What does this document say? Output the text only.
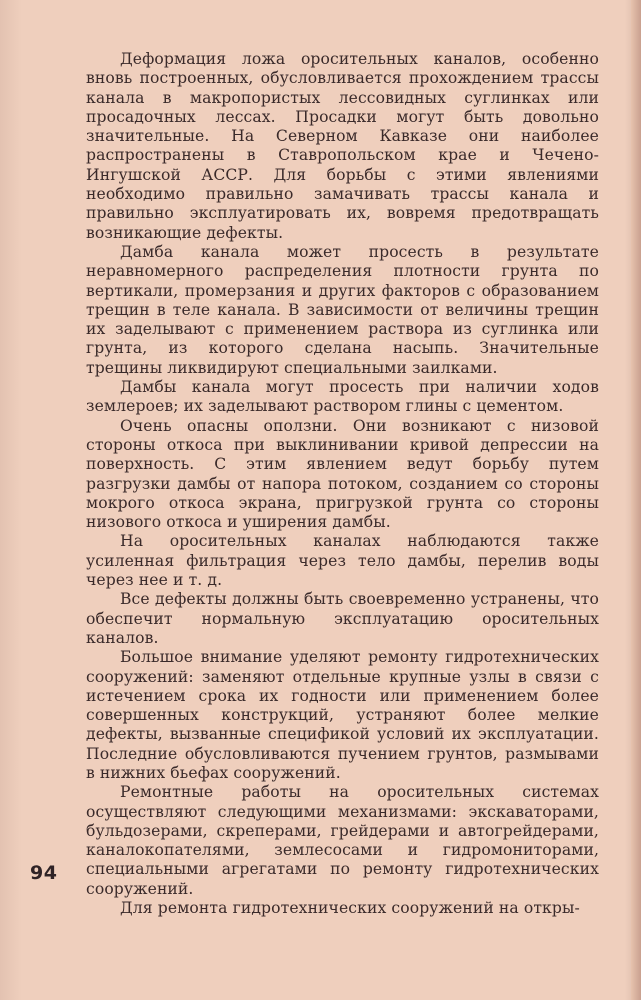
Деформация ложа оросительных каналов, особенно вновь построенных, обусловливается прохождением трассы канала в макропористых лессовидных суглинках или просадочных лессах. Просадки могут быть довольно значительные. На Северном Кавказе они наиболее распространены в Ставропольском крае и Чечено-Ингушской АССР. Для борьбы с этими явлениями необходимо правильно замачивать трассы канала и правильно эксплуатировать их, вовремя предотвращать возникающие дефекты.

Дамба канала может просесть в результате неравномерного распределения плотности грунта по вертикали, промерзания и других факторов с образованием трещин в теле канала. В зависимости от величины трещин их заделывают с применением раствора из суглинка или грунта, из которого сделана насыпь. Значительные трещины ликвидируют специальными заилками.

Дамбы канала могут просесть при наличии ходов землероев; их заделывают раствором глины с цементом.

Очень опасны оползни. Они возникают с низовой стороны откоса при выклинивании кривой депрессии на поверхность. С этим явлением ведут борьбу путем разгрузки дамбы от напора потоком, созданием со стороны мокрого откоса экрана, пригрузкой грунта со стороны низового откоса и уширения дамбы.

На оросительных каналах наблюдаются также усиленная фильтрация через тело дамбы, перелив воды через нее и т. д.

Все дефекты должны быть своевременно устранены, что обеспечит нормальную эксплуатацию оросительных каналов.

Большое внимание уделяют ремонту гидротехнических сооружений: заменяют отдельные крупные узлы в связи с истечением срока их годности или применением более совершенных конструкций, устраняют более мелкие дефекты, вызванные спецификой условий их эксплуатации. Последние обусловливаются пучением грунтов, размывами в нижних бьефах сооружений.

Ремонтные работы на оросительных системах осуществляют следующими механизмами: экскаваторами, бульдозерами, скреперами, грейдерами и автогрейдерами, каналокопателями, землесосами и гидромониторами, специальными агрегатами по ремонту гидротехнических сооружений.

Для ремонта гидротехнических сооружений на откры-

94
